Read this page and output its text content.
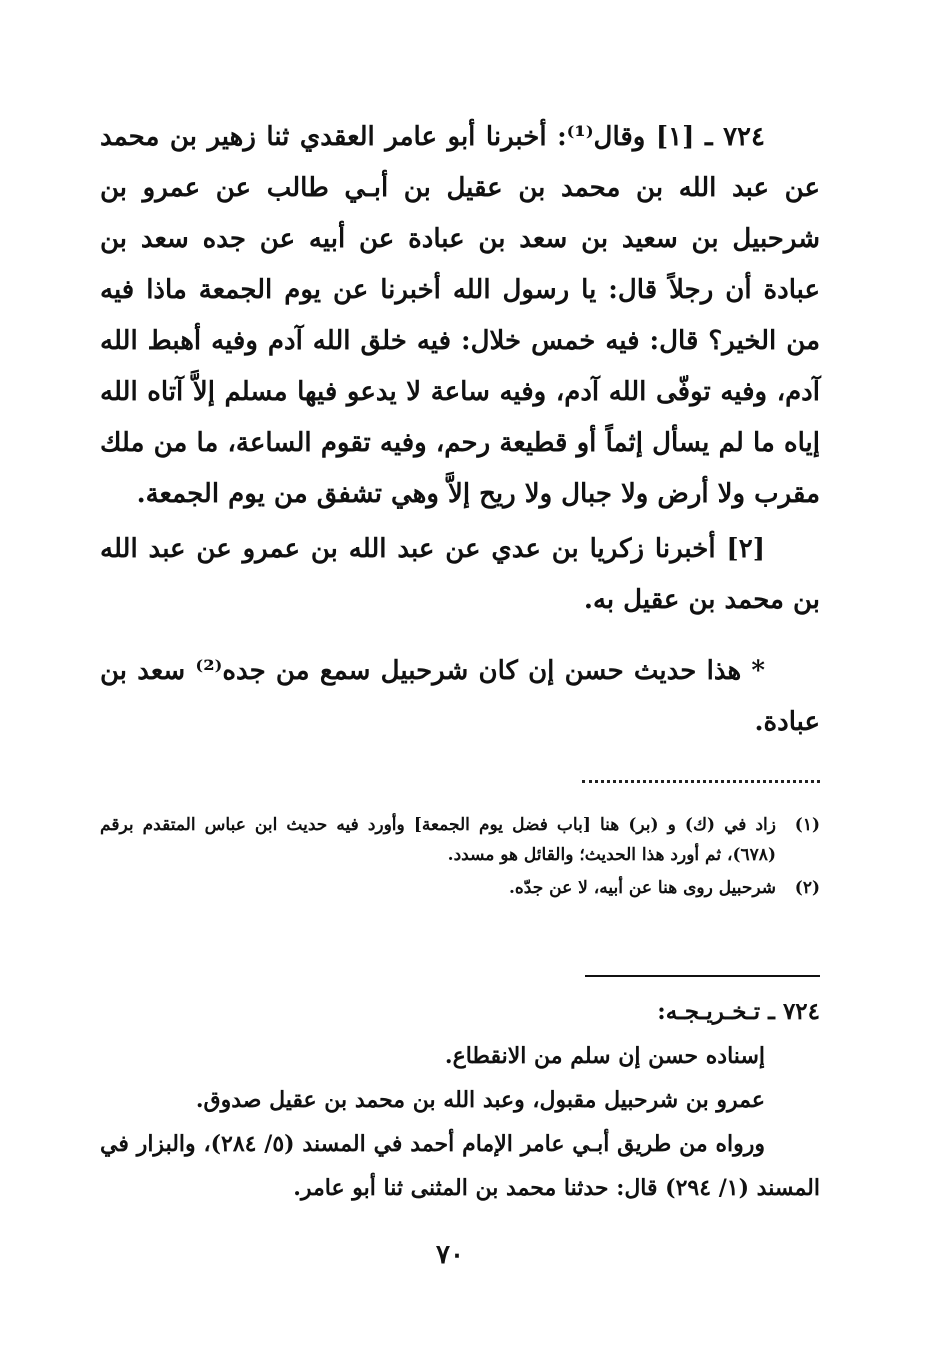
٧٢٤ ـ [١] وقال⁽¹⁾: أخبرنا أبو عامر العقدي ثنا زهير بن محمد عن عبد الله بن محمد بن عقيل بن أبـي طالب عن عمرو بن شرحبيل بن سعيد بن سعد بن عبادة عن أبيه عن جده سعد بن عبادة أن رجلاً قال: يا رسول الله أخبرنا عن يوم الجمعة ماذا فيه من الخير؟ قال: فيه خمس خلال: فيه خلق الله آدم وفيه أهبط الله آدم، وفيه توفّى الله آدم، وفيه ساعة لا يدعو فيها مسلم إلاَّ آتاه الله إياه ما لم يسأل إثماً أو قطيعة رحم، وفيه تقوم الساعة، ما من ملك مقرب ولا أرض ولا جبال ولا ريح إلاَّ وهي تشفق من يوم الجمعة.
[٢] أخبرنا زكريا بن عدي عن عبد الله بن عمرو عن عبد الله بن محمد بن عقيل به.
* هذا حديث حسن إن كان شرحبيل سمع من جده⁽²⁾ سعد بن عبادة.
(١)
زاد في (ك) و (بر) هنا [باب فضل يوم الجمعة] وأورد فيه حديث ابن عباس المتقدم برقم (٦٧٨)، ثم أورد هذا الحديث؛ والقائل هو مسدد.
(٢)
شرحبيل روى هنا عن أبيه، لا عن جدّه.
٧٢٤ ـ تـخـريـجـه:
إسناده حسن إن سلم من الانقطاع.
عمرو بن شرحبيل مقبول، وعبد الله بن محمد بن عقيل صدوق.
ورواه من طريق أبـي عامر الإمام أحمد في المسند (٥/ ٢٨٤)، والبزار في المسند (١/ ٢٩٤) قال: حدثنا محمد بن المثنى ثنا أبو عامر.
٧٠
